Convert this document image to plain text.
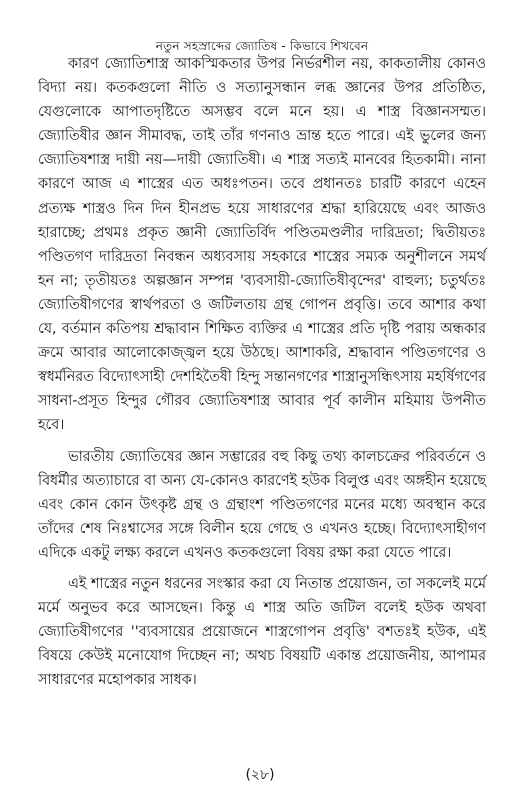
নতুন সহস্রাব্দের জ্যোতিষ - কিভাবে শিখবেন

কারণ জ্যোতিশাস্ত্র আকস্মিকতার উপর নির্ভরশীল নয়, কাকতালীয় কোনও বিদ্যা নয়। কতকগুলো নীতি ও সত্যানুসন্ধান লব্ধ জ্ঞানের উপর প্রতিষ্ঠিত, যেগুলোকে আপাতদৃষ্টিতে অসম্ভব বলে মনে হয়। এ শাস্ত্র বিজ্ঞানসম্মত। জ্যোতিষীর জ্ঞান সীমাবদ্ধ, তাই তাঁর গণনাও ভ্রান্ত হতে পারে। এই ভুলের জন্য জ্যোতিষশাস্ত্র দায়ী নয়—দায়ী জ্যোতিষী। এ শাস্ত্র সত্যই মানবের হিতকামী। নানা কারণে আজ এ শাস্ত্রের এত অধঃপতন। তবে প্রধানতঃ চারটি কারণে এহেন প্রত্যক্ষ শাস্ত্রও দিন দিন হীনপ্রভ হয়ে সাধারণের শ্রদ্ধা হারিয়েছে এবং আজও হারাচ্ছে; প্রথমঃ প্রকৃত জ্ঞানী জ্যোতির্বিদ পণ্ডিতমণ্ডলীর দারিদ্রতা; দ্বিতীয়তঃ পণ্ডিতগণ দারিদ্রতা নিবন্ধন অধ্যবসায় সহকারে শাস্ত্রের সম্যক অনুশীলনে সমর্থ হন না; তৃতীয়তঃ অল্পজ্ঞান সম্পন্ন 'ব্যবসায়ী-জ্যোতিষীবৃন্দের' বাহুল্য; চতুর্থতঃ জ্যোতিষীগণের স্বার্থপরতা ও জটিলতায় গ্রন্থ গোপন প্রবৃত্তি। তবে আশার কথা যে, বর্তমান কতিপয় শ্রদ্ধাবান শিক্ষিত ব্যক্তির এ শাস্ত্রের প্রতি দৃষ্টি পরায় অন্ধকার ক্রমে আবার আলোকোজ্জ্বল হয়ে উঠছে। আশাকরি, শ্রদ্ধাবান পণ্ডিতগণের ও স্বধর্মনিরত বিদ্যোৎসাহী দেশহিতৈষী হিন্দু সন্তানগণের শাস্ত্রানুসন্ধিৎসায় মহর্ষিগণের সাধনা-প্রসূত হিন্দুর গৌরব জ্যোতিষশাস্ত্র আবার পূর্ব কালীন মহিমায় উপনীত হবে।

ভারতীয় জ্যোতিষের জ্ঞান সম্ভারের বহু কিছু তথ্য কালচক্রের পরিবর্তনে ও বিধর্মীর অত্যাচারে বা অন্য যে-কোনও কারণেই হউক বিলুপ্ত এবং অঙ্গহীন হয়েছে এবং কোন কোন উৎকৃষ্ট গ্রন্থ ও গ্রন্থাংশ পণ্ডিতগণের মনের মধ্যে অবস্থান করে তাঁদের শেষ নিঃশ্বাসের সঙ্গে বিলীন হয়ে গেছে ও এখনও হচ্ছে। বিদ্যোৎসাহীগণ এদিকে একটু লক্ষ্য করলে এখনও কতকগুলো বিষয় রক্ষা করা যেতে পারে।

এই শাস্ত্রের নতুন ধরনের সংস্কার করা যে নিতান্ত প্রয়োজন, তা সকলেই মর্মে মর্মে অনুভব করে আসছেন। কিন্তু এ শাস্ত্র অতি জটিল বলেই হউক অথবা জ্যোতিষীগণের ''ব্যবসায়ের প্রয়োজনে শাস্ত্রগোপন প্রবৃত্তি' বশতঃই হউক, এই বিষয়ে কেউই মনোযোগ দিচ্ছেন না; অথচ বিষয়টি একান্ত প্রয়োজনীয়, আপামর সাধারণের মহোপকার সাধক।

(২৮)
